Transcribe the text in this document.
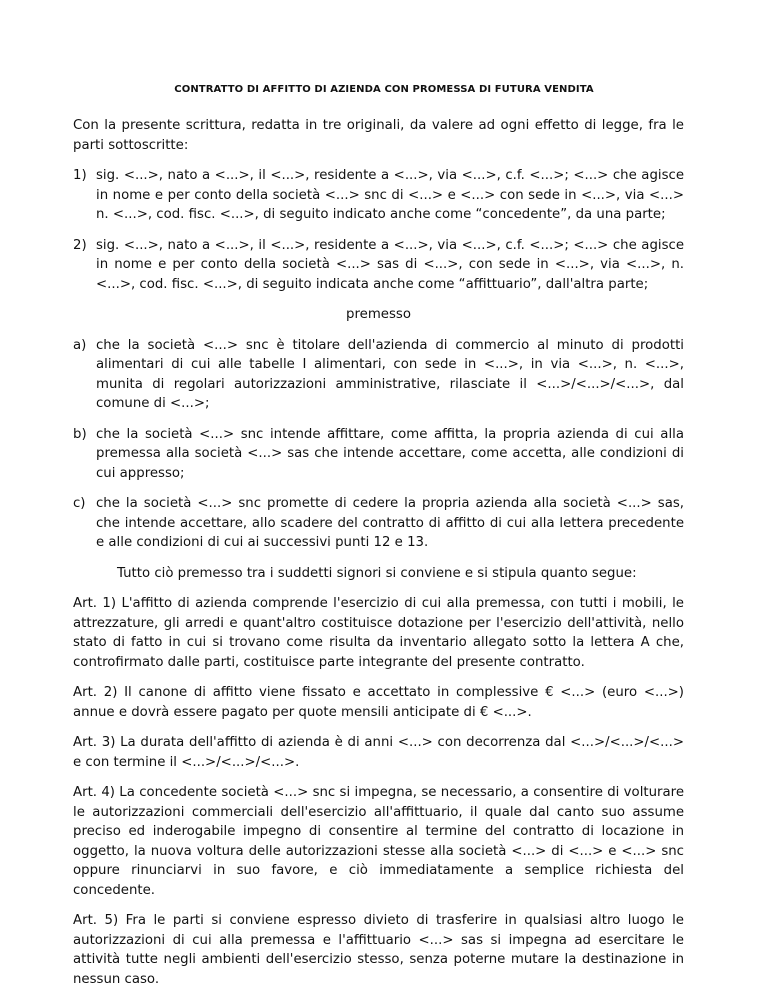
CONTRATTO DI AFFITTO DI AZIENDA CON PROMESSA DI FUTURA VENDITA

Con la presente scrittura, redatta in tre originali, da valere ad ogni effetto di legge, fra le parti sottoscritte:

1) sig. <...>, nato a <...>, il <...>, residente a <...>, via <...>, c.f. <...>; <...> che agisce in nome e per conto della società <...> snc di <...> e <...> con sede in <...>, via <...> n. <...>, cod. fisc. <...>, di seguito indicato anche come “concedente”, da una parte;
2) sig. <...>, nato a <...>, il <...>, residente a <...>, via <...>, c.f. <...>; <...> che agisce in nome e per conto della società <...> sas di <...>, con sede in <...>, via <...>, n. <...>, cod. fisc. <...>, di seguito indicata anche come “affittuario”, dall'altra parte;

premesso

a) che la società <...> snc è titolare dell'azienda di commercio al minuto di prodotti alimentari di cui alle tabelle I alimentari, con sede in <...>, in via <...>, n. <...>, munita di regolari autorizzazioni amministrative, rilasciate il <...>/<...>/<...>, dal comune di <...>;
b) che la società <...> snc intende affittare, come affitta, la propria azienda di cui alla premessa alla società <...> sas che intende accettare, come accetta, alle condizioni di cui appresso;
c) che la società <...> snc promette di cedere la propria azienda alla società <...> sas, che intende accettare, allo scadere del contratto di affitto di cui alla lettera precedente e alle condizioni di cui ai successivi punti 12 e 13.

Tutto ciò premesso tra i suddetti signori si conviene e si stipula quanto segue:

Art. 1) L'affitto di azienda comprende l'esercizio di cui alla premessa, con tutti i mobili, le attrezzature, gli arredi e quant'altro costituisce dotazione per l'esercizio dell'attività, nello stato di fatto in cui si trovano come risulta da inventario allegato sotto la lettera A che, controfirmato dalle parti, costituisce parte integrante del presente contratto.

Art. 2) Il canone di affitto viene fissato e accettato in complessive € <...> (euro <...>) annue e dovrà essere pagato per quote mensili anticipate di € <...>.

Art. 3) La durata dell'affitto di azienda è di anni <...> con decorrenza dal <...>/<...>/<...> e con termine il <...>/<...>/<...>.

Art. 4) La concedente società <...> snc si impegna, se necessario, a consentire di volturare le autorizzazioni commerciali dell'esercizio all'affittuario, il quale dal canto suo assume preciso ed inderogabile impegno di consentire al termine del contratto di locazione in oggetto, la nuova voltura delle autorizzazioni stesse alla società <...> di <...> e <...> snc oppure rinunciarvi in suo favore, e ciò immediatamente a semplice richiesta del concedente.

Art. 5) Fra le parti si conviene espresso divieto di trasferire in qualsiasi altro luogo le autorizzazioni di cui alla premessa e l'affittuario <...> sas si impegna ad esercitare le attività tutte negli ambienti dell'esercizio stesso, senza poterne mutare la destinazione in nessun caso.
